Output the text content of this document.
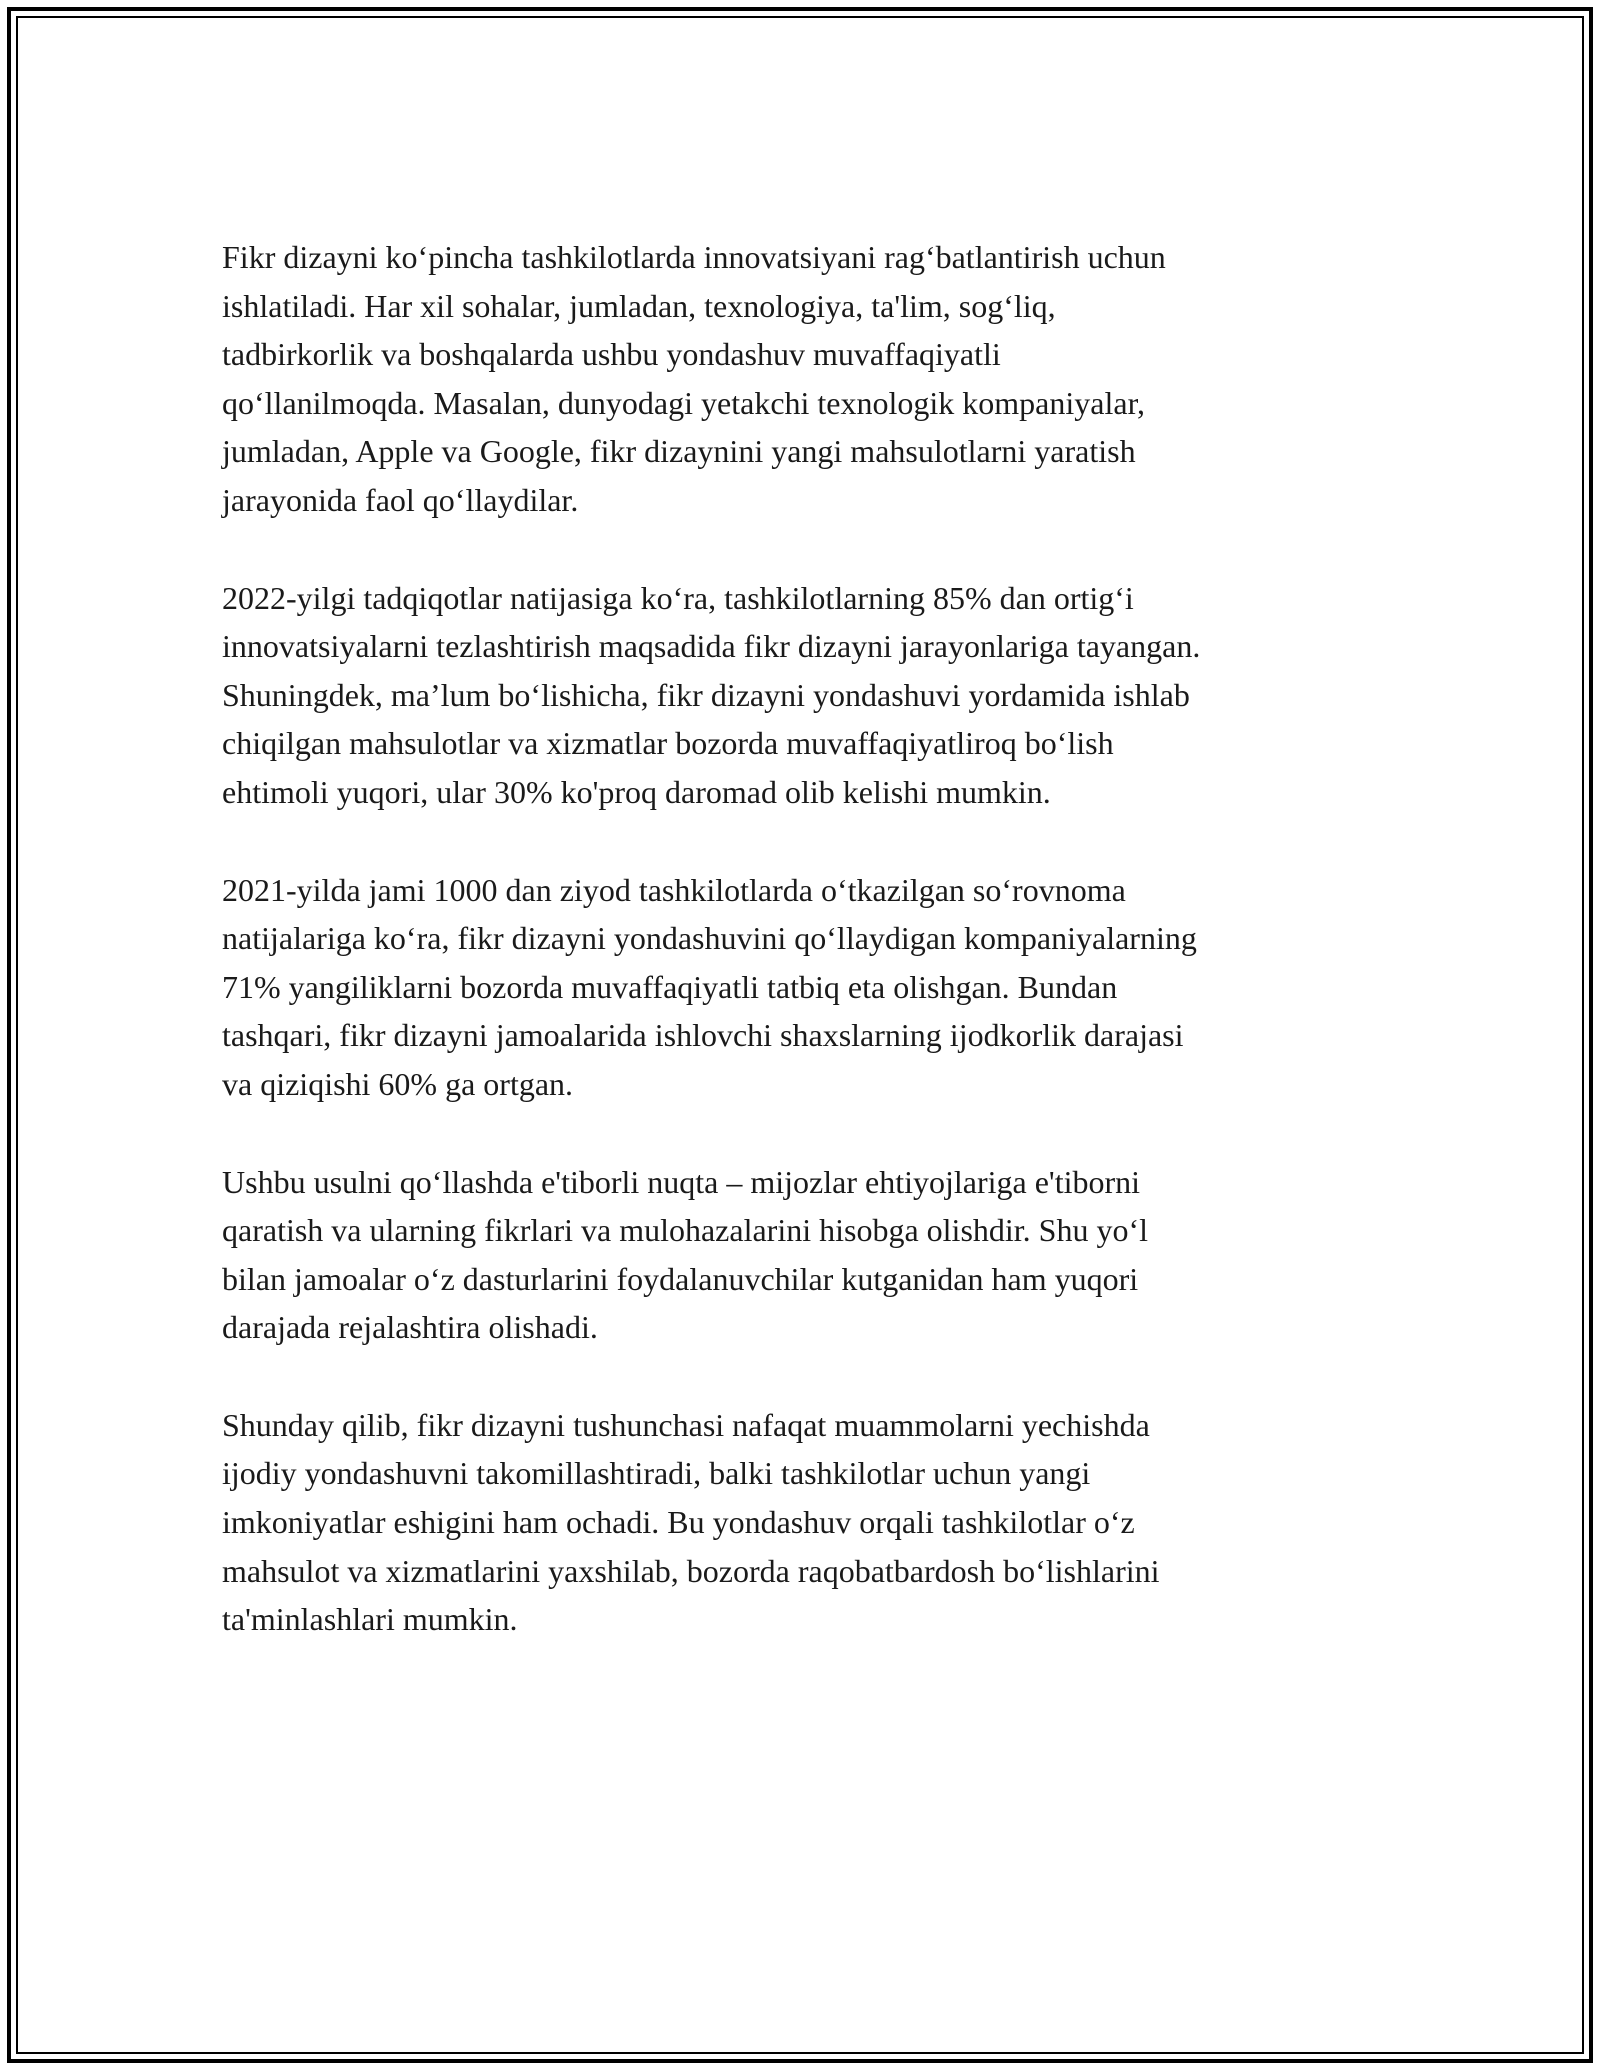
Fikr dizayni ko‘pincha tashkilotlarda innovatsiyani rag‘batlantirish uchun
ishlatiladi. Har xil sohalar, jumladan, texnologiya, ta'lim, sog‘liq,
tadbirkorlik va boshqalarda ushbu yondashuv muvaffaqiyatli
qo‘llanilmoqda. Masalan, dunyodagi yetakchi texnologik kompaniyalar,
jumladan, Apple va Google, fikr dizaynini yangi mahsulotlarni yaratish
jarayonida faol qo‘llaydilar.

2022-yilgi tadqiqotlar natijasiga ko‘ra, tashkilotlarning 85% dan ortig‘i
innovatsiyalarni tezlashtirish maqsadida fikr dizayni jarayonlariga tayangan.
Shuningdek, ma’lum bo‘lishicha, fikr dizayni yondashuvi yordamida ishlab
chiqilgan mahsulotlar va xizmatlar bozorda muvaffaqiyatliroq bo‘lish
ehtimoli yuqori, ular 30% ko'proq daromad olib kelishi mumkin.

2021-yilda jami 1000 dan ziyod tashkilotlarda o‘tkazilgan so‘rovnoma
natijalariga ko‘ra, fikr dizayni yondashuvini qo‘llaydigan kompaniyalarning
71% yangiliklarni bozorda muvaffaqiyatli tatbiq eta olishgan. Bundan
tashqari, fikr dizayni jamoalarida ishlovchi shaxslarning ijodkorlik darajasi
va qiziqishi 60% ga ortgan.

Ushbu usulni qo‘llashda e'tiborli nuqta – mijozlar ehtiyojlariga e'tiborni
qaratish va ularning fikrlari va mulohazalarini hisobga olishdir. Shu yo‘l
bilan jamoalar o‘z dasturlarini foydalanuvchilar kutganidan ham yuqori
darajada rejalashtira olishadi.

Shunday qilib, fikr dizayni tushunchasi nafaqat muammolarni yechishda
ijodiy yondashuvni takomillashtiradi, balki tashkilotlar uchun yangi
imkoniyatlar eshigini ham ochadi. Bu yondashuv orqali tashkilotlar o‘z
mahsulot va xizmatlarini yaxshilab, bozorda raqobatbardosh bo‘lishlarini
ta'minlashlari mumkin.
